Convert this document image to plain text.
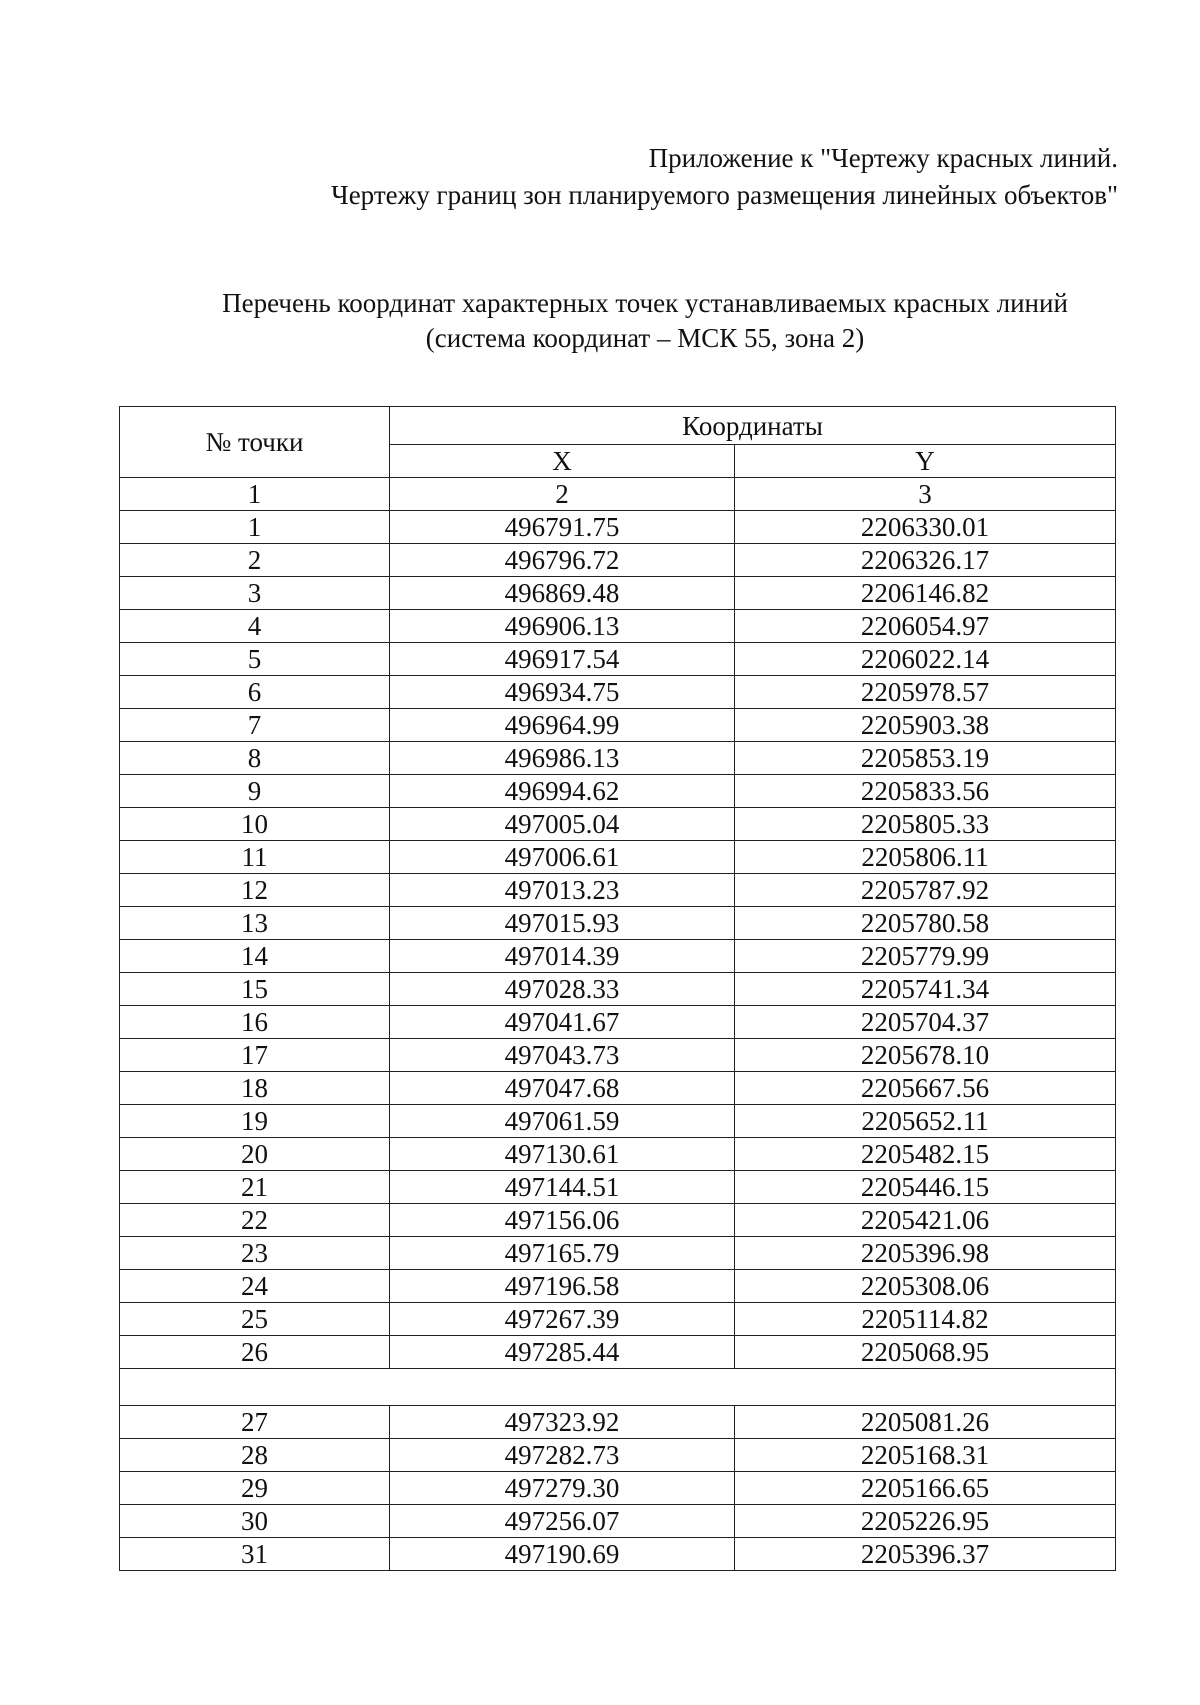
Приложение к "Чертежу красных линий.
Чертежу границ зон планируемого размещения линейных объектов"
Перечень координат характерных точек устанавливаемых красных линий
(система координат – МСК 55, зона 2)
№ точки	Координаты	
	X	Y
1	2	3
1	496791.75	2206330.01
2	496796.72	2206326.17
3	496869.48	2206146.82
4	496906.13	2206054.97
5	496917.54	2206022.14
6	496934.75	2205978.57
7	496964.99	2205903.38
8	496986.13	2205853.19
9	496994.62	2205833.56
10	497005.04	2205805.33
11	497006.61	2205806.11
12	497013.23	2205787.92
13	497015.93	2205780.58
14	497014.39	2205779.99
15	497028.33	2205741.34
16	497041.67	2205704.37
17	497043.73	2205678.10
18	497047.68	2205667.56
19	497061.59	2205652.11
20	497130.61	2205482.15
21	497144.51	2205446.15
22	497156.06	2205421.06
23	497165.79	2205396.98
24	497196.58	2205308.06
25	497267.39	2205114.82
26	497285.44	2205068.95

27	497323.92	2205081.26
28	497282.73	2205168.31
29	497279.30	2205166.65
30	497256.07	2205226.95
31	497190.69	2205396.37
